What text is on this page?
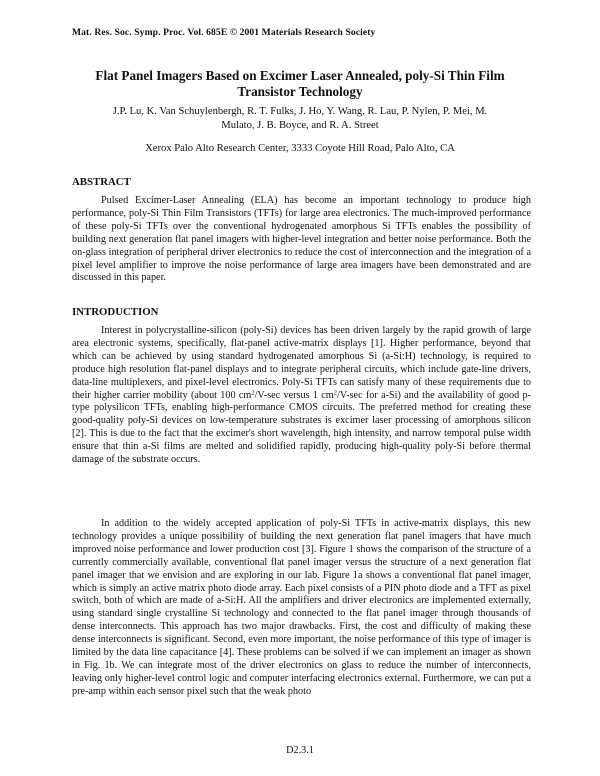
Mat. Res. Soc. Symp. Proc. Vol. 685E © 2001 Materials Research Society
Flat Panel Imagers Based on Excimer Laser Annealed, poly-Si Thin Film
Transistor Technology
J.P. Lu, K. Van Schuylenbergh, R. T. Fulks, J. Ho, Y. Wang, R. Lau, P. Nylen, P. Mei, M.
Mulato, J. B. Boyce, and R. A. Street
Xerox Palo Alto Research Center, 3333 Coyote Hill Road, Palo Alto, CA
ABSTRACT

Pulsed Excimer-Laser Annealing (ELA) has become an important technology to produce high performance, poly-Si Thin Film Transistors (TFTs) for large area electronics. The much-improved performance of these poly-Si TFTs over the conventional hydrogenated amorphous Si TFTs enables the possibility of building next generation flat panel imagers with higher-level integration and better noise performance. Both the on-glass integration of peripheral driver electronics to reduce the cost of interconnection and the integration of a pixel level amplifier to improve the noise performance of large area imagers have been demonstrated and are discussed in this paper.

INTRODUCTION

Interest in polycrystalline-silicon (poly-Si) devices has been driven largely by the rapid growth of large area electronic systems, specifically, flat-panel active-matrix displays [1]. Higher performance, beyond that which can be achieved by using standard hydrogenated amorphous Si (a-Si:H) technology, is required to produce high resolution flat-panel displays and to integrate peripheral circuits, which include gate-line drivers, data-line multiplexers, and pixel-level electronics. Poly-Si TFTs can satisfy many of these requirements due to their higher carrier mobility (about 100 $cm^2/V-\sec$ versus 1 $cm^2/V-\sec$ for a-Si) and the availability of good p-type polysilicon TFTs, enabling high-performance CMOS circuits. The preferred method for creating these good-quality poly-Si devices on low-temperature substrates is excimer laser processing of amorphous silicon [2]. This is due to the fact that the excimer's short wavelength, high intensity, and narrow temporal pulse width ensure that thin a-Si films are melted and solidified rapidly, producing high-quality poly-Si before thermal damage of the substrate occurs.

In addition to the widely accepted application of poly-Si TFTs in active-matrix displays, this new technology provides a unique possibility of building the next generation flat panel imagers that have much improved noise performance and lower production cost [3]. Figure 1 shows the comparison of the structure of a currently commercially available, conventional flat panel imager versus the structure of a next generation flat panel imager that we envision and are exploring in our lab. Figure 1a shows a conventional flat panel imager, which is simply an active matrix photo diode array. Each pixel consists of a PIN photo diode and a TFT as pixel switch, both of which are made of a-Si:H. All the amplifiers and driver electronics are implemented externally, using standard single crystalline Si technology and connected to the flat panel imager through thousands of dense interconnects. This approach has two major drawbacks. First, the cost and difficulty of making these dense interconnects is significant. Second, even more important, the noise performance of this type of imager is limited by the data line capacitance [4]. These problems can be solved if we can implement an imager as shown in Fig. 1b. We can integrate most of the driver electronics on glass to reduce the number of interconnects, leaving only higher-level control logic and computer interfacing electronics external. Furthermore, we can put a pre-amp within each sensor pixel such that the weak photo

D2.3.1
